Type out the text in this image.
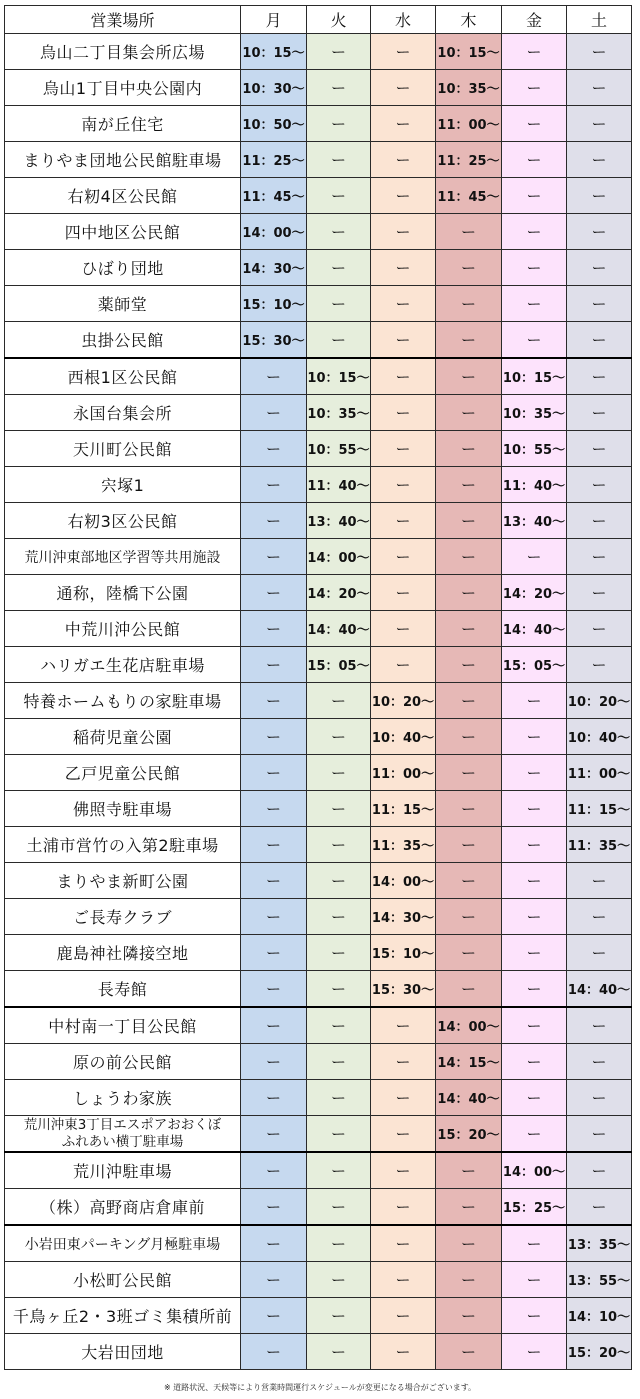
営業場所	月	火	水	木	金	土
烏山二丁目集会所広場	10：15～	ー	ー	10：15～	ー	ー
烏山1丁目中央公園内	10：30～	ー	ー	10：35～	ー	ー
南が丘住宅	10：50～	ー	ー	11：00～	ー	ー
まりやま団地公民館駐車場	11：25～	ー	ー	11：25～	ー	ー
右籾4区公民館	11：45～	ー	ー	11：45～	ー	ー
四中地区公民館	14：00～	ー	ー	ー	ー	ー
ひばり団地	14：30～	ー	ー	ー	ー	ー
薬師堂	15：10～	ー	ー	ー	ー	ー
虫掛公民館	15：30～	ー	ー	ー	ー	ー
西根1区公民館	ー	10：15～	ー	ー	10：15～	ー
永国台集会所	ー	10：35～	ー	ー	10：35～	ー
天川町公民館	ー	10：55～	ー	ー	10：55～	ー
宍塚1	ー	11：40～	ー	ー	11：40～	ー
右籾3区公民館	ー	13：40～	ー	ー	13：40～	ー
荒川沖東部地区学習等共用施設	ー	14：00～	ー	ー	ー	ー
通称，陸橋下公園	ー	14：20～	ー	ー	14：20～	ー
中荒川沖公民館	ー	14：40～	ー	ー	14：40～	ー
ハリガエ生花店駐車場	ー	15：05～	ー	ー	15：05～	ー
特養ホームもりの家駐車場	ー	ー	10：20～	ー	ー	10：20～
稲荷児童公園	ー	ー	10：40～	ー	ー	10：40～
乙戸児童公民館	ー	ー	11：00～	ー	ー	11：00～
佛照寺駐車場	ー	ー	11：15～	ー	ー	11：15～
土浦市営竹の入第2駐車場	ー	ー	11：35～	ー	ー	11：35～
まりやま新町公園	ー	ー	14：00～	ー	ー	ー
ご長寿クラブ	ー	ー	14：30～	ー	ー	ー
鹿島神社隣接空地	ー	ー	15：10～	ー	ー	ー
長寿館	ー	ー	15：30～	ー	ー	14：40～
中村南一丁目公民館	ー	ー	ー	14：00～	ー	ー
原の前公民館	ー	ー	ー	14：15～	ー	ー
しょうわ家族	ー	ー	ー	14：40～	ー	ー

荒川沖東3丁目エスポアおおくぼ
ふれあい横丁駐車場	ー	ー	ー	15：20～	ー	ー
荒川沖駐車場	ー	ー	ー	ー	14：00～	ー
（株）高野商店倉庫前	ー	ー	ー	ー	15：25～	ー
小岩田東パーキング月極駐車場	ー	ー	ー	ー	ー	13：35～
小松町公民館	ー	ー	ー	ー	ー	13：55～
千鳥ヶ丘2・3班ゴミ集積所前	ー	ー	ー	ー	ー	14：10～
大岩田団地	ー	ー	ー	ー	ー	15：20～
※ 道路状況、天候等により営業時間運行スケジュールが変更になる場合がございます。
